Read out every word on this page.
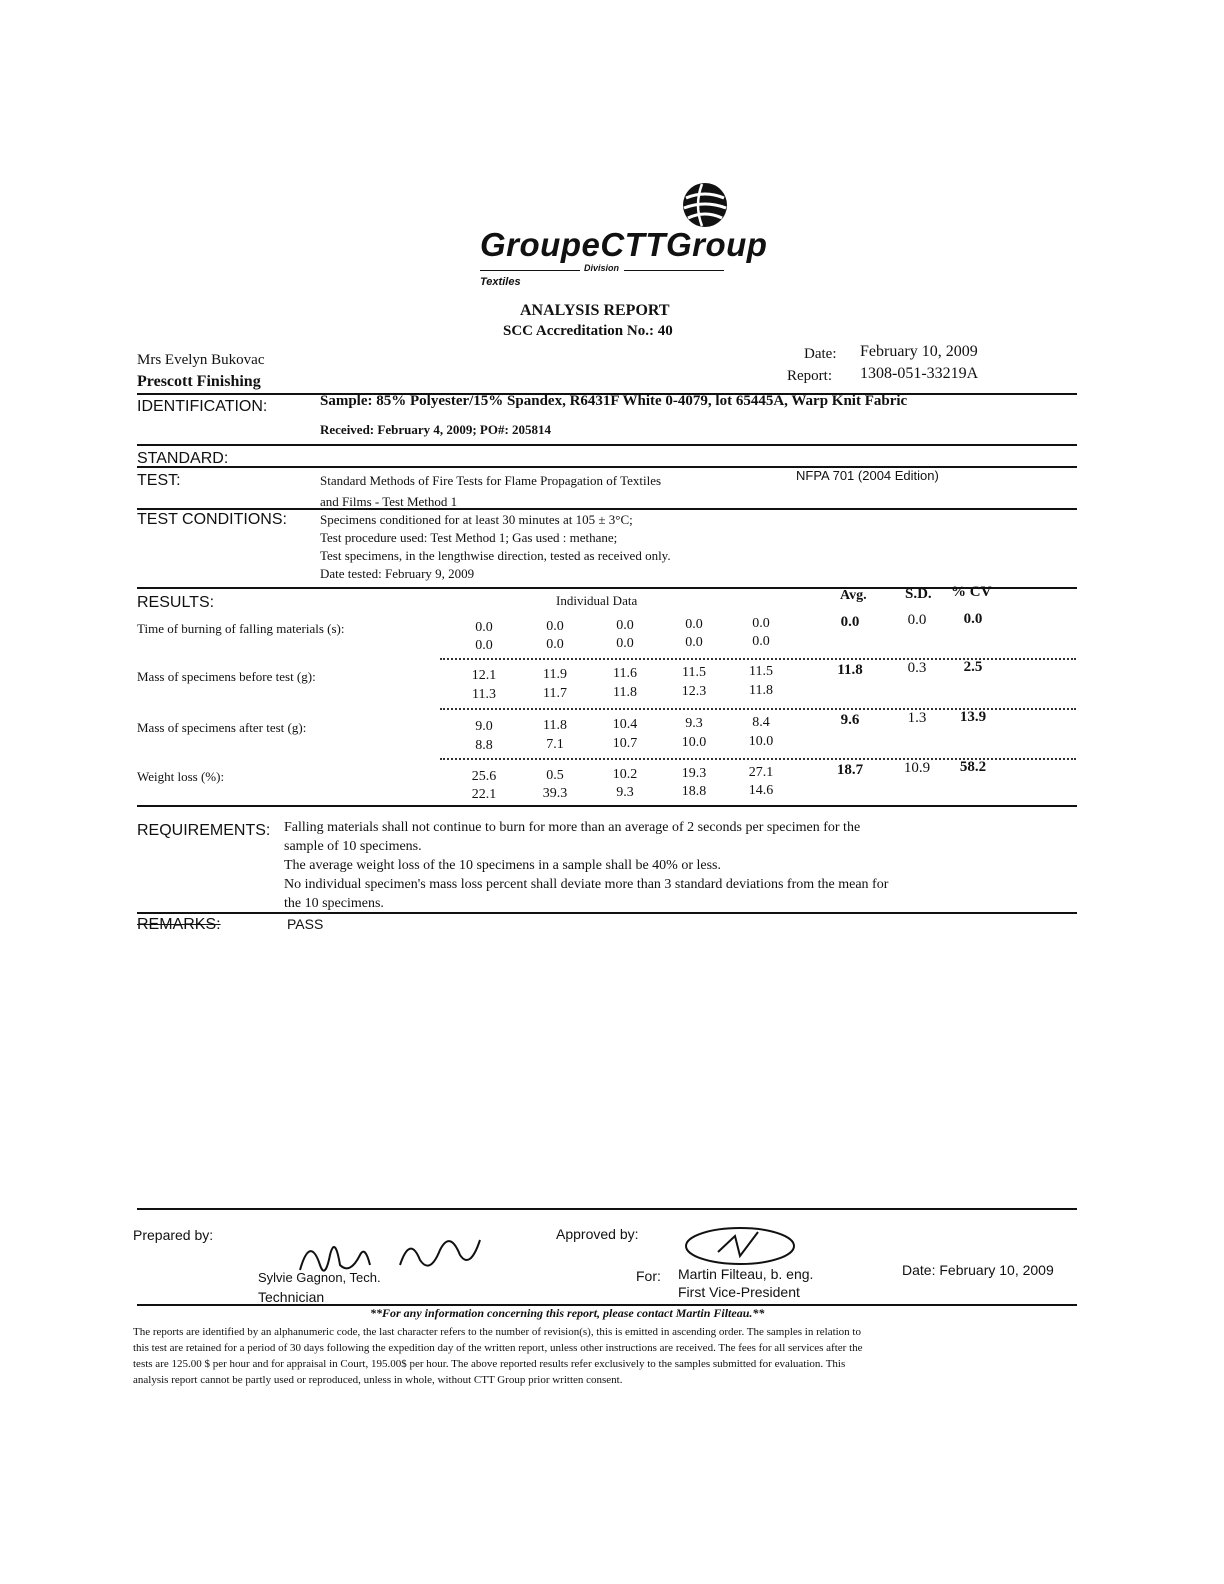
GroupeCTTGroup
Division
Textiles
ANALYSIS REPORT
SCC Accreditation No.: 40
Mrs Evelyn Bukovac
Prescott Finishing
Date: February 10, 2009
Report: 1308-051-33219A
IDENTIFICATION:	Sample: 85% Polyester/15% Spandex, R6431F White 0-4079, lot 65445A, Warp Knit Fabric
Received: February 4, 2009; PO#: 205814
STANDARD:
TEST:	Standard Methods of Fire Tests for Flame Propagation of Textiles
and Films - Test Method 1
NFPA 701 (2004 Edition)
TEST CONDITIONS:	Specimens conditioned for at least 30 minutes at 105 ± 3°C;
Test procedure used: Test Method 1; Gas used : methane;
Test specimens, in the lengthwise direction, tested as received only.
Date tested: February 9, 2009
RESULTS:	Individual Data	Avg.	S.D. % CV
Time of burning of falling materials (s):	0.0	0.0	0.0	0.0	0.0
0.0	0.0	0.0	0.0	0.0
0.0	0.0	0.0
Mass of specimens before test (g):	12.1	11.9	11.6	11.5	11.5
11.3	11.7	11.8	12.3	11.8
11.8	0.3	2.5
Mass of specimens after test (g):	9.0	11.8	10.4	9.3	8.4
8.8	7.1	10.7	10.0	10.0
9.6	1.3	13.9
Weight loss (%):	25.6	0.5	10.2	19.3	27.1
22.1	39.3	9.3	18.8	14.6
18.7	10.9	58.2
REQUIREMENTS: Falling materials shall not continue to burn for more than an average of 2 seconds per specimen for the
sample of 10 specimens.
The average weight loss of the 10 specimens in a sample shall be 40% or less.
No individual specimen's mass loss percent shall deviate more than 3 standard deviations from the mean for
the 10 specimens.
REMARKS:	PASS
Prepared by:
Sylvie Gagnon, Tech.
Technician
Approved by:
For: Martin Filteau, b. eng.
First Vice-President
Date: February 10, 2009
**For any information concerning this report, please contact Martin Filteau.**
The reports are identified by an alphanumeric code, the last character refers to the number of revision(s), this is emitted in ascending order. The samples in relation to
this test are retained for a period of 30 days following the expedition day of the written report, unless other instructions are received. The fees for all services after the
tests are 125.00 $ per hour and for appraisal in Court, 195.00$ per hour. The above reported results refer exclusively to the samples submitted for evaluation. This
analysis report cannot be partly used or reproduced, unless in whole, without CTT Group prior written consent.
